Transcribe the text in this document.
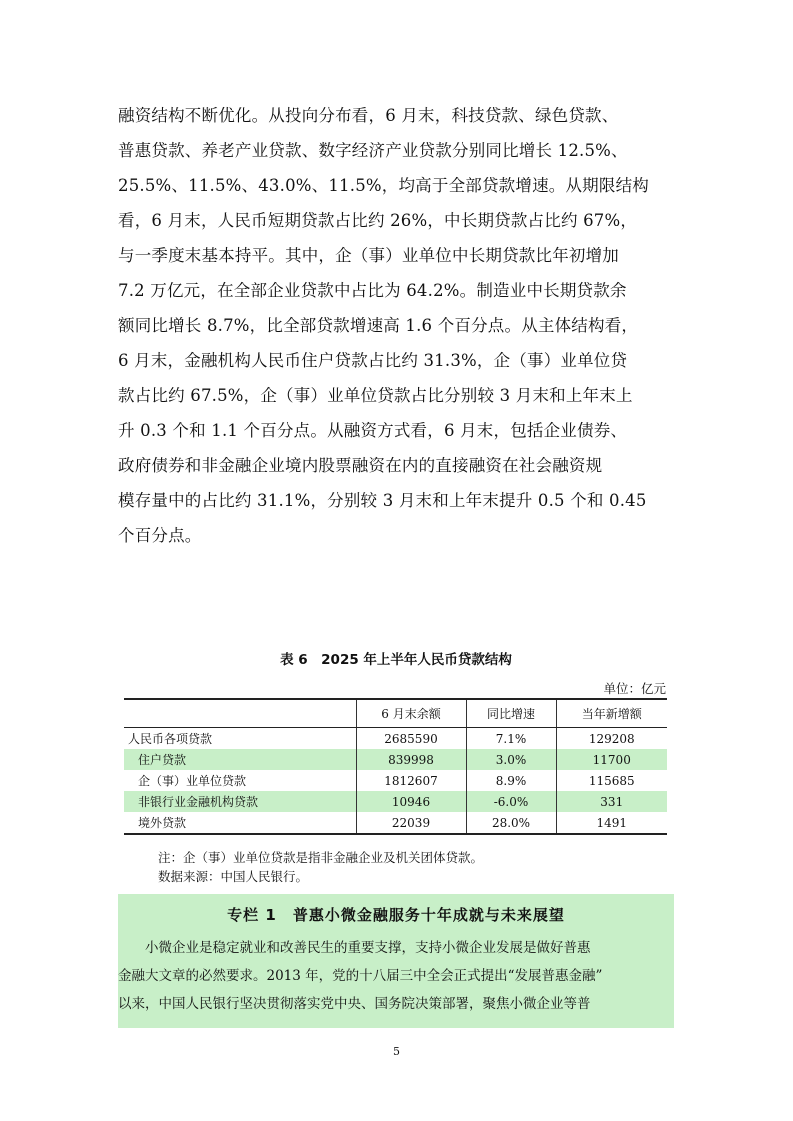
融资结构不断优化。从投向分布看，6 月末，科技贷款、绿色贷款、
普惠贷款、养老产业贷款、数字经济产业贷款分别同比增长 12.5%、
25.5%、11.5%、43.0%、11.5%，均高于全部贷款增速。从期限结构
看，6 月末，人民币短期贷款占比约 26%，中长期贷款占比约 67%，
与一季度末基本持平。其中，企（事）业单位中长期贷款比年初增加
7.2 万亿元，在全部企业贷款中占比为 64.2%。制造业中长期贷款余
额同比增长 8.7%，比全部贷款增速高 1.6 个百分点。从主体结构看，
6 月末，金融机构人民币住户贷款占比约 31.3%，企（事）业单位贷
款占比约 67.5%，企（事）业单位贷款占比分别较 3 月末和上年末上
升 0.3 个和 1.1 个百分点。从融资方式看，6 月末，包括企业债券、
政府债券和非金融企业境内股票融资在内的直接融资在社会融资规
模存量中的占比约 31.1%，分别较 3 月末和上年末提升 0.5 个和 0.45
个百分点。
表 6　2025 年上半年人民币贷款结构
单位：亿元
	6 月末余额	同比增速	当年新增额
人民币各项贷款	2685590	7.1%	129208
住户贷款	839998	3.0%	11700
企（事）业单位贷款	1812607	8.9%	115685
非银行业金融机构贷款	10946	-6.0%	331
境外贷款	22039	28.0%	1491
注：企（事）业单位贷款是指非金融企业及机关团体贷款。
数据来源：中国人民银行。
专栏 1　普惠小微金融服务十年成就与未来展望
　　小微企业是稳定就业和改善民生的重要支撑，支持小微企业发展是做好普惠
金融大文章的必然要求。2013 年，党的十八届三中全会正式提出“发展普惠金融”
以来，中国人民银行坚决贯彻落实党中央、国务院决策部署，聚焦小微企业等普
5
